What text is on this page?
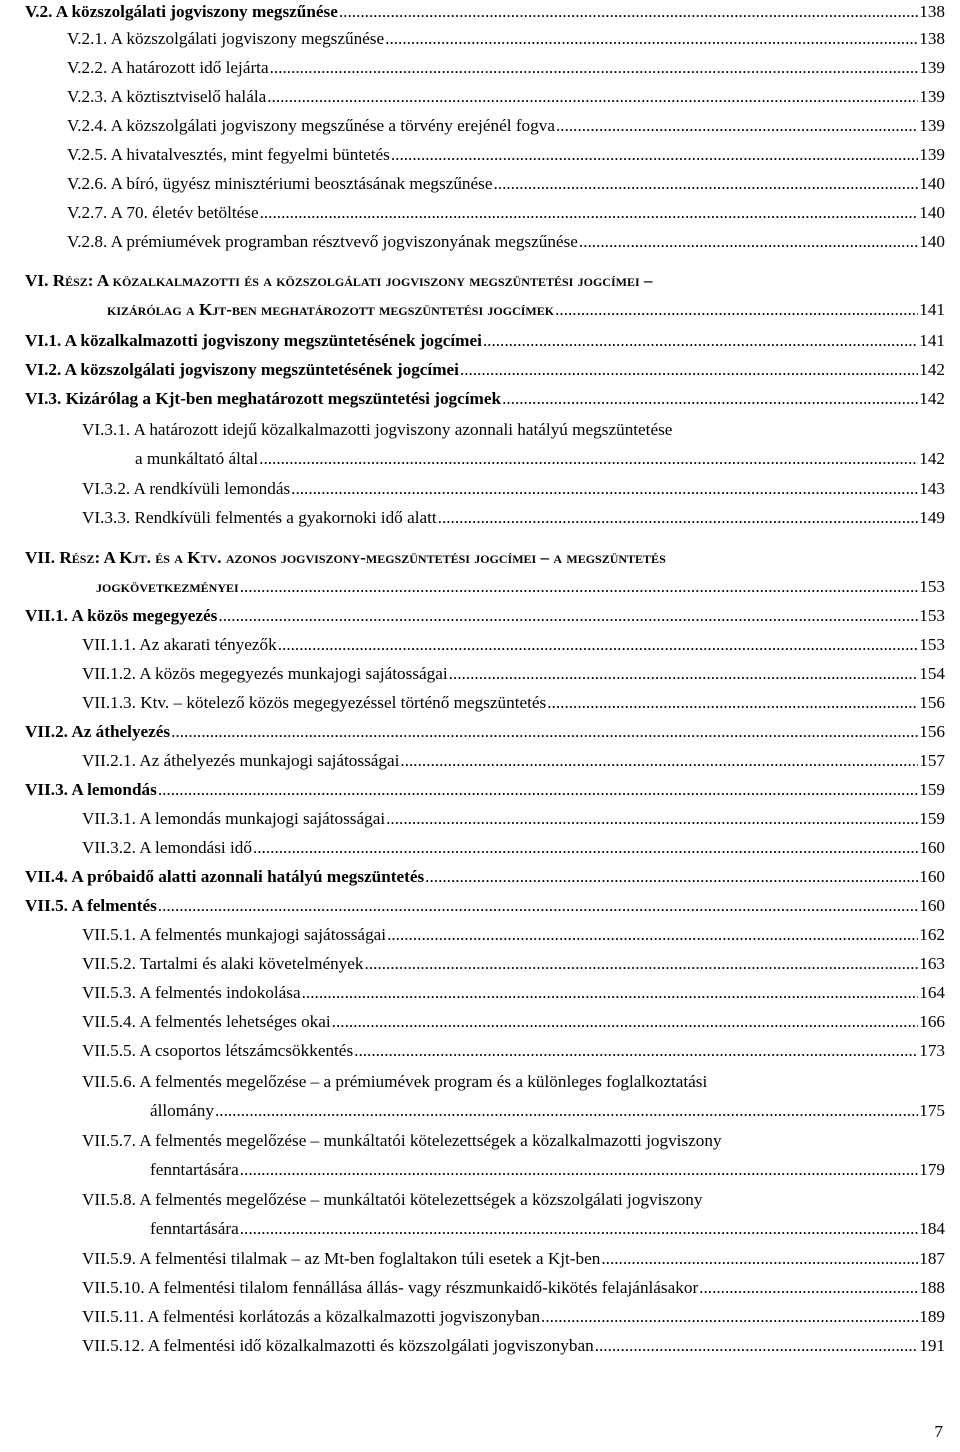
V.2. A közszolgálati jogviszony megszűnése .....	138
V.2.1. A közszolgálati jogviszony megszűnése .....	138
V.2.2. A határozott idő lejárta .....	139
V.2.3. A köztisztviselő halála .....	139
V.2.4. A közszolgálati jogviszony megszűnése a törvény erejénél fogva .....	139
V.2.5. A hivatalvesztés, mint fegyelmi büntetés .....	139
V.2.6. A bíró, ügyész minisztériumi beosztásának megszűnése .....	140
V.2.7. A 70. életév betöltése .....	140
V.2.8. A prémiumévek programban résztvevő jogviszonyának megszűnése .....	140
VI. Rész: A közalkalmazotti és a közszolgálati jogviszony megszüntetési jogcímei –
kizárólag a Kjt-ben meghatározott megszüntetési jogcímek .....	141
VI.1. A közalkalmazotti jogviszony megszüntetésének jogcímei .....	141
VI.2. A közszolgálati jogviszony megszüntetésének jogcímei .....	142
VI.3. Kizárólag a Kjt-ben meghatározott megszüntetési jogcímek .....	142
VI.3.1. A határozott idejű közalkalmazotti jogviszony azonnali hatályú megszüntetése
a munkáltató által .....	142
VI.3.2. A rendkívüli lemondás .....	143
VI.3.3. Rendkívüli felmentés a gyakornoki idő alatt .....	149
VII. Rész: A Kjt. és a Ktv. azonos jogviszony-megszüntetési jogcímei – a megszüntetés
jogkövetkezményei .....	153
VII.1. A közös megegyezés .....	153
VII.1.1. Az akarati tényezők .....	153
VII.1.2. A közös megegyezés munkajogi sajátosságai .....	154
VII.1.3. Ktv. – kötelező közös megegyezéssel történő megszüntetés .....	156
VII.2. Az áthelyezés .....	156
VII.2.1. Az áthelyezés munkajogi sajátosságai .....	157
VII.3. A lemondás .....	159
VII.3.1. A lemondás munkajogi sajátosságai .....	159
VII.3.2. A lemondási idő .....	160
VII.4. A próbaidő alatti azonnali hatályú megszüntetés .....	160
VII.5. A felmentés .....	160
VII.5.1. A felmentés munkajogi sajátosságai .....	162
VII.5.2. Tartalmi és alaki követelmények .....	163
VII.5.3. A felmentés indokolása .....	164
VII.5.4. A felmentés lehetséges okai .....	166
VII.5.5. A csoportos létszámcsökkentés .....	173
VII.5.6. A felmentés megelőzése – a prémiumévek program és a különleges foglalkoztatási
állomány .....	175
VII.5.7. A felmentés megelőzése – munkáltatói kötelezettségek a közalkalmazotti jogviszony
fenntartására .....	179
VII.5.8. A felmentés megelőzése – munkáltatói kötelezettségek a közszolgálati jogviszony
fenntartására .....	184
VII.5.9. A felmentési tilalmak – az Mt-ben foglaltakon túli esetek a Kjt-ben .....	187
VII.5.10. A felmentési tilalom fennállása állás- vagy részmunkaidő-kikötés felajánlásakor .....	188
VII.5.11. A felmentési korlátozás a közalkalmazotti jogviszonyban .....	189
VII.5.12. A felmentési idő közalkalmazotti és közszolgálati jogviszonyban .....	191
7
